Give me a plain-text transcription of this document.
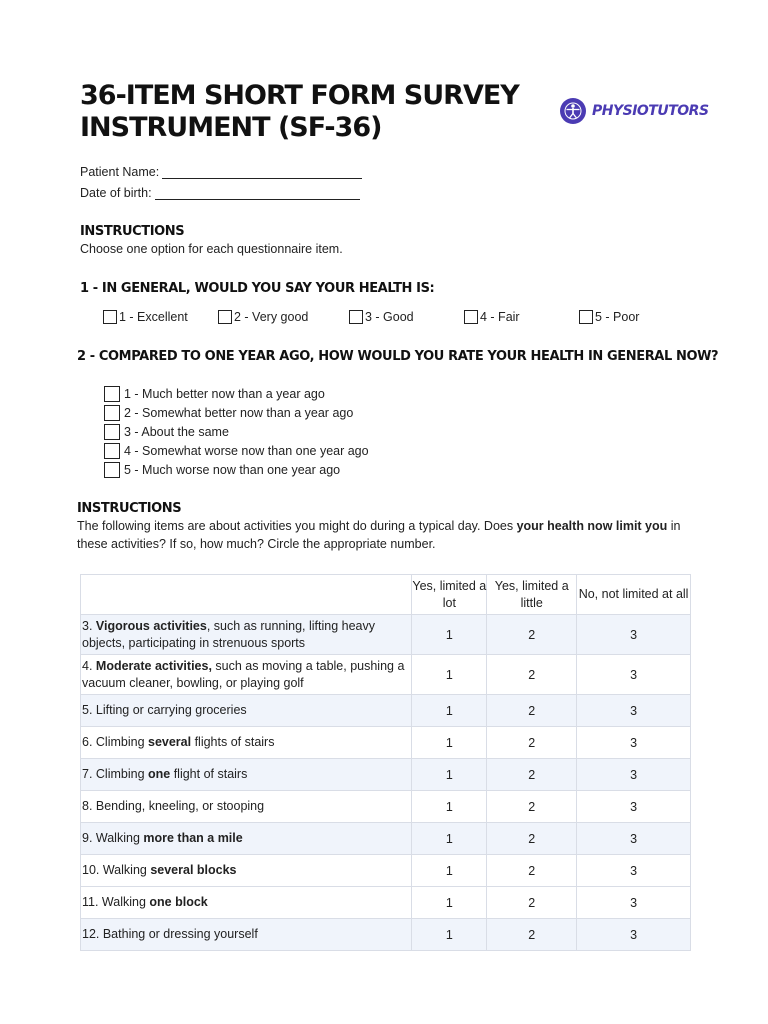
36-ITEM SHORT FORM SURVEY
INSTRUMENT (SF-36)
PHYSIOTUTORS
Patient Name:
Date of birth:
INSTRUCTIONS
Choose one option for each questionnaire item.
1 - IN GENERAL, WOULD YOU SAY YOUR HEALTH IS:
1 - Excellent	2 - Very good	3 - Good	4 - Fair	5 - Poor
2 - COMPARED TO ONE YEAR AGO, HOW WOULD YOU RATE YOUR HEALTH IN GENERAL NOW?
1 - Much better now than a year ago
2 - Somewhat better now than a year ago
3 - About the same
4 - Somewhat worse now than one year ago
5 - Much worse now than one year ago
INSTRUCTIONS
The following items are about activities you might do during a typical day. Does your health now limit you in these activities? If so, how much? Circle the appropriate number.
	Yes, limited a lot	Yes, limited a little	No, not limited at all
3. Vigorous activities, such as running, lifting heavy objects, participating in strenuous sports	1	2	3
4. Moderate activities, such as moving a table, pushing a vacuum cleaner, bowling, or playing golf	1	2	3
5. Lifting or carrying groceries	1	2	3
6. Climbing several flights of stairs	1	2	3
7. Climbing one flight of stairs	1	2	3
8. Bending, kneeling, or stooping	1	2	3
9. Walking more than a mile	1	2	3
10. Walking several blocks	1	2	3
11. Walking one block	1	2	3
12. Bathing or dressing yourself	1	2	3
